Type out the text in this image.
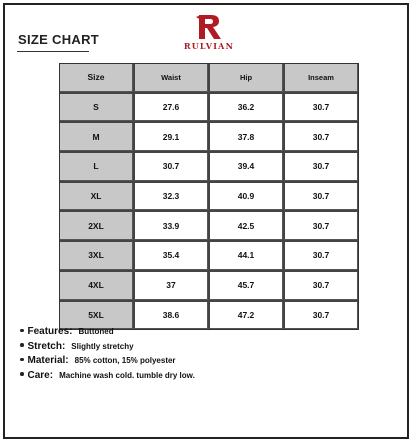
SIZE CHART	RULVIAN
Size	Waist	Hip	Inseam
S	27.6	36.2	30.7
M	29.1	37.8	30.7
L	30.7	39.4	30.7
XL	32.3	40.9	30.7
2XL	33.9	42.5	30.7
3XL	35.4	44.1	30.7
4XL	37	45.7	30.7
5XL	38.6	47.2	30.7
Features: Buttoned
Stretch: Slightly stretchy
Material: 85% cotton, 15% polyester
Care: Machine wash cold. tumble dry low.
